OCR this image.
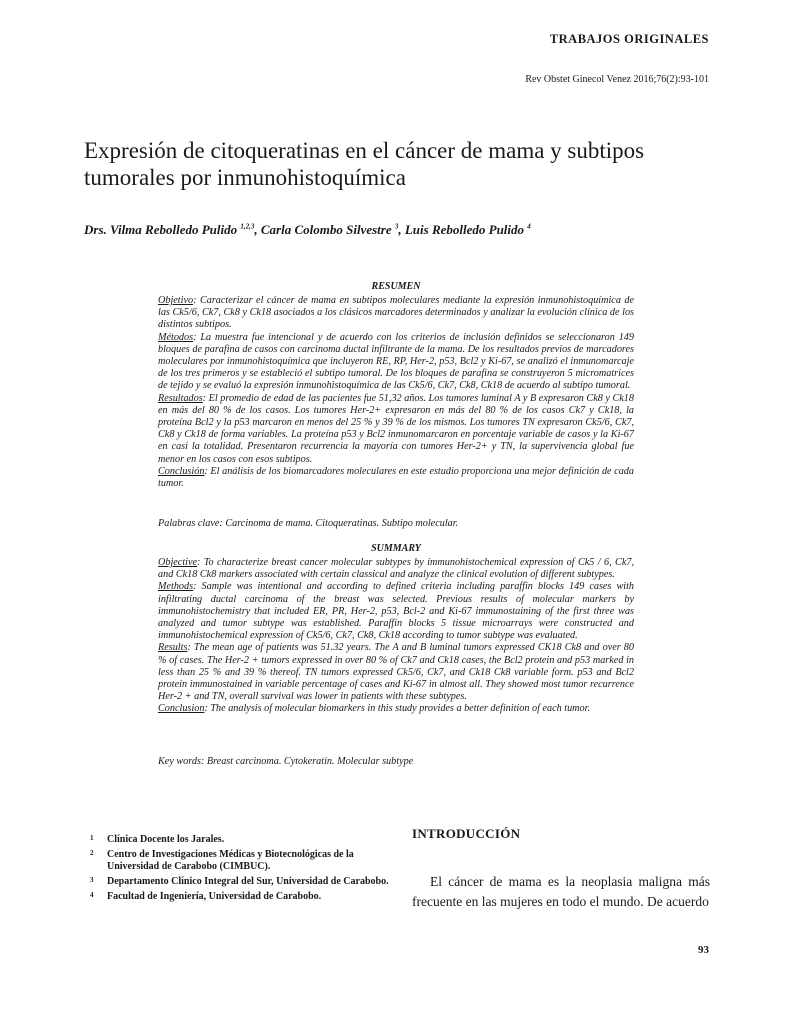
TRABAJOS ORIGINALES
Rev Obstet Ginecol Venez 2016;76(2):93-101
Expresión de citoqueratinas en el cáncer de mama y subtipos tumorales por inmunohistoquímica
Drs. Vilma Rebolledo Pulido $^{1,2,3}$, Carla Colombo Silvestre $^3$, Luis Rebolledo Pulido $^4$
RESUMEN

Objetivo: Caracterizar el cáncer de mama en subtipos moleculares mediante la expresión inmunohistoquímica de las Ck5/6, Ck7, Ck8 y Ck18 asociados a los clásicos marcadores determinados y analizar la evolución clínica de los distintos subtipos.

Métodos: La muestra fue intencional y de acuerdo con los criterios de inclusión definidos se seleccionaron 149 bloques de parafina de casos con carcinoma ductal infiltrante de la mama. De los resultados previos de marcadores moleculares por inmunohistoquímica que incluyeron RE, RP, Her-2, p53, Bcl2 y Ki-67, se analizó el inmunomarcaje de los tres primeros y se estableció el subtipo tumoral. De los bloques de parafina se construyeron 5 micromatrices de tejido y se evaluó la expresión inmunohistoquímica de las Ck5/6, Ck7, Ck8, Ck18 de acuerdo al subtipo tumoral.

Resultados: El promedio de edad de las pacientes fue 51,32 años. Los tumores luminal A y B expresaron Ck8 y Ck18 en más del 80 % de los casos. Los tumores Her-2+ expresaron en más del 80 % de los casos Ck7 y Ck18, la proteína Bcl2 y la p53 marcaron en menos del 25 % y 39 % de los mismos. Los tumores TN expresaron Ck5/6, Ck7, Ck8 y Ck18 de forma variables. La proteína p53 y Bcl2 inmunomarcaron en porcentaje variable de casos y la Ki-67 en casi la totalidad. Presentaron recurrencia la mayoría con tumores Her-2+ y TN, la supervivencia global fue menor en los casos con esos subtipos.

Conclusión: El análisis de los biomarcadores moleculares en este estudio proporciona una mejor definición de cada tumor.

Palabras clave: Carcinoma de mama. Citoqueratinas. Subtipo molecular.
SUMMARY

Objective: To characterize breast cancer molecular subtypes by immunohistochemical expression of Ck5 / 6, Ck7, and Ck18 Ck8 markers associated with certain classical and analyze the clinical evolution of different subtypes.

Methods: Sample was intentional and according to defined criteria including paraffin blocks 149 cases with infiltrating ductal carcinoma of the breast was selected. Previous results of molecular markers by immunohistochemistry that included ER, PR, Her-2, p53, Bcl-2 and Ki-67 immunostaining of the first three was analyzed and tumor subtype was established. Paraffin blocks 5 tissue microarrays were constructed and immunohistochemical expression of Ck5/6, Ck7, Ck8, Ck18 according to tumor subtype was evaluated.

Results: The mean age of patients was 51.32 years. The A and B luminal tumors expressed CK18 Ck8 and over 80 % of cases. The Her-2 + tumors expressed in over 80 % of Ck7 and Ck18 cases, the Bcl2 protein and p53 marked in less than 25 % and 39 % thereof. TN tumors expressed Ck5/6, Ck7, and Ck18 Ck8 variable form. p53 and Bcl2 protein immunostained in variable percentage of cases and Ki-67 in almost all. They showed most tumor recurrence Her-2 + and TN, overall survival was lower in patients with these subtypes.

Conclusion: The analysis of molecular biomarkers in this study provides a better definition of each tumor.

Key words: Breast carcinoma. Cytokeratin. Molecular subtype
1 Clínica Docente los Jarales.
2 Centro de Investigaciones Médicas y Biotecnológicas de la Universidad de Carabobo (CIMBUC).
3 Departamento Clínico Integral del Sur, Universidad de Carabobo.
4 Facultad de Ingeniería, Universidad de Carabobo.
INTRODUCCIÓN
El cáncer de mama es la neoplasia maligna más frecuente en las mujeres en todo el mundo. De acuerdo
93
